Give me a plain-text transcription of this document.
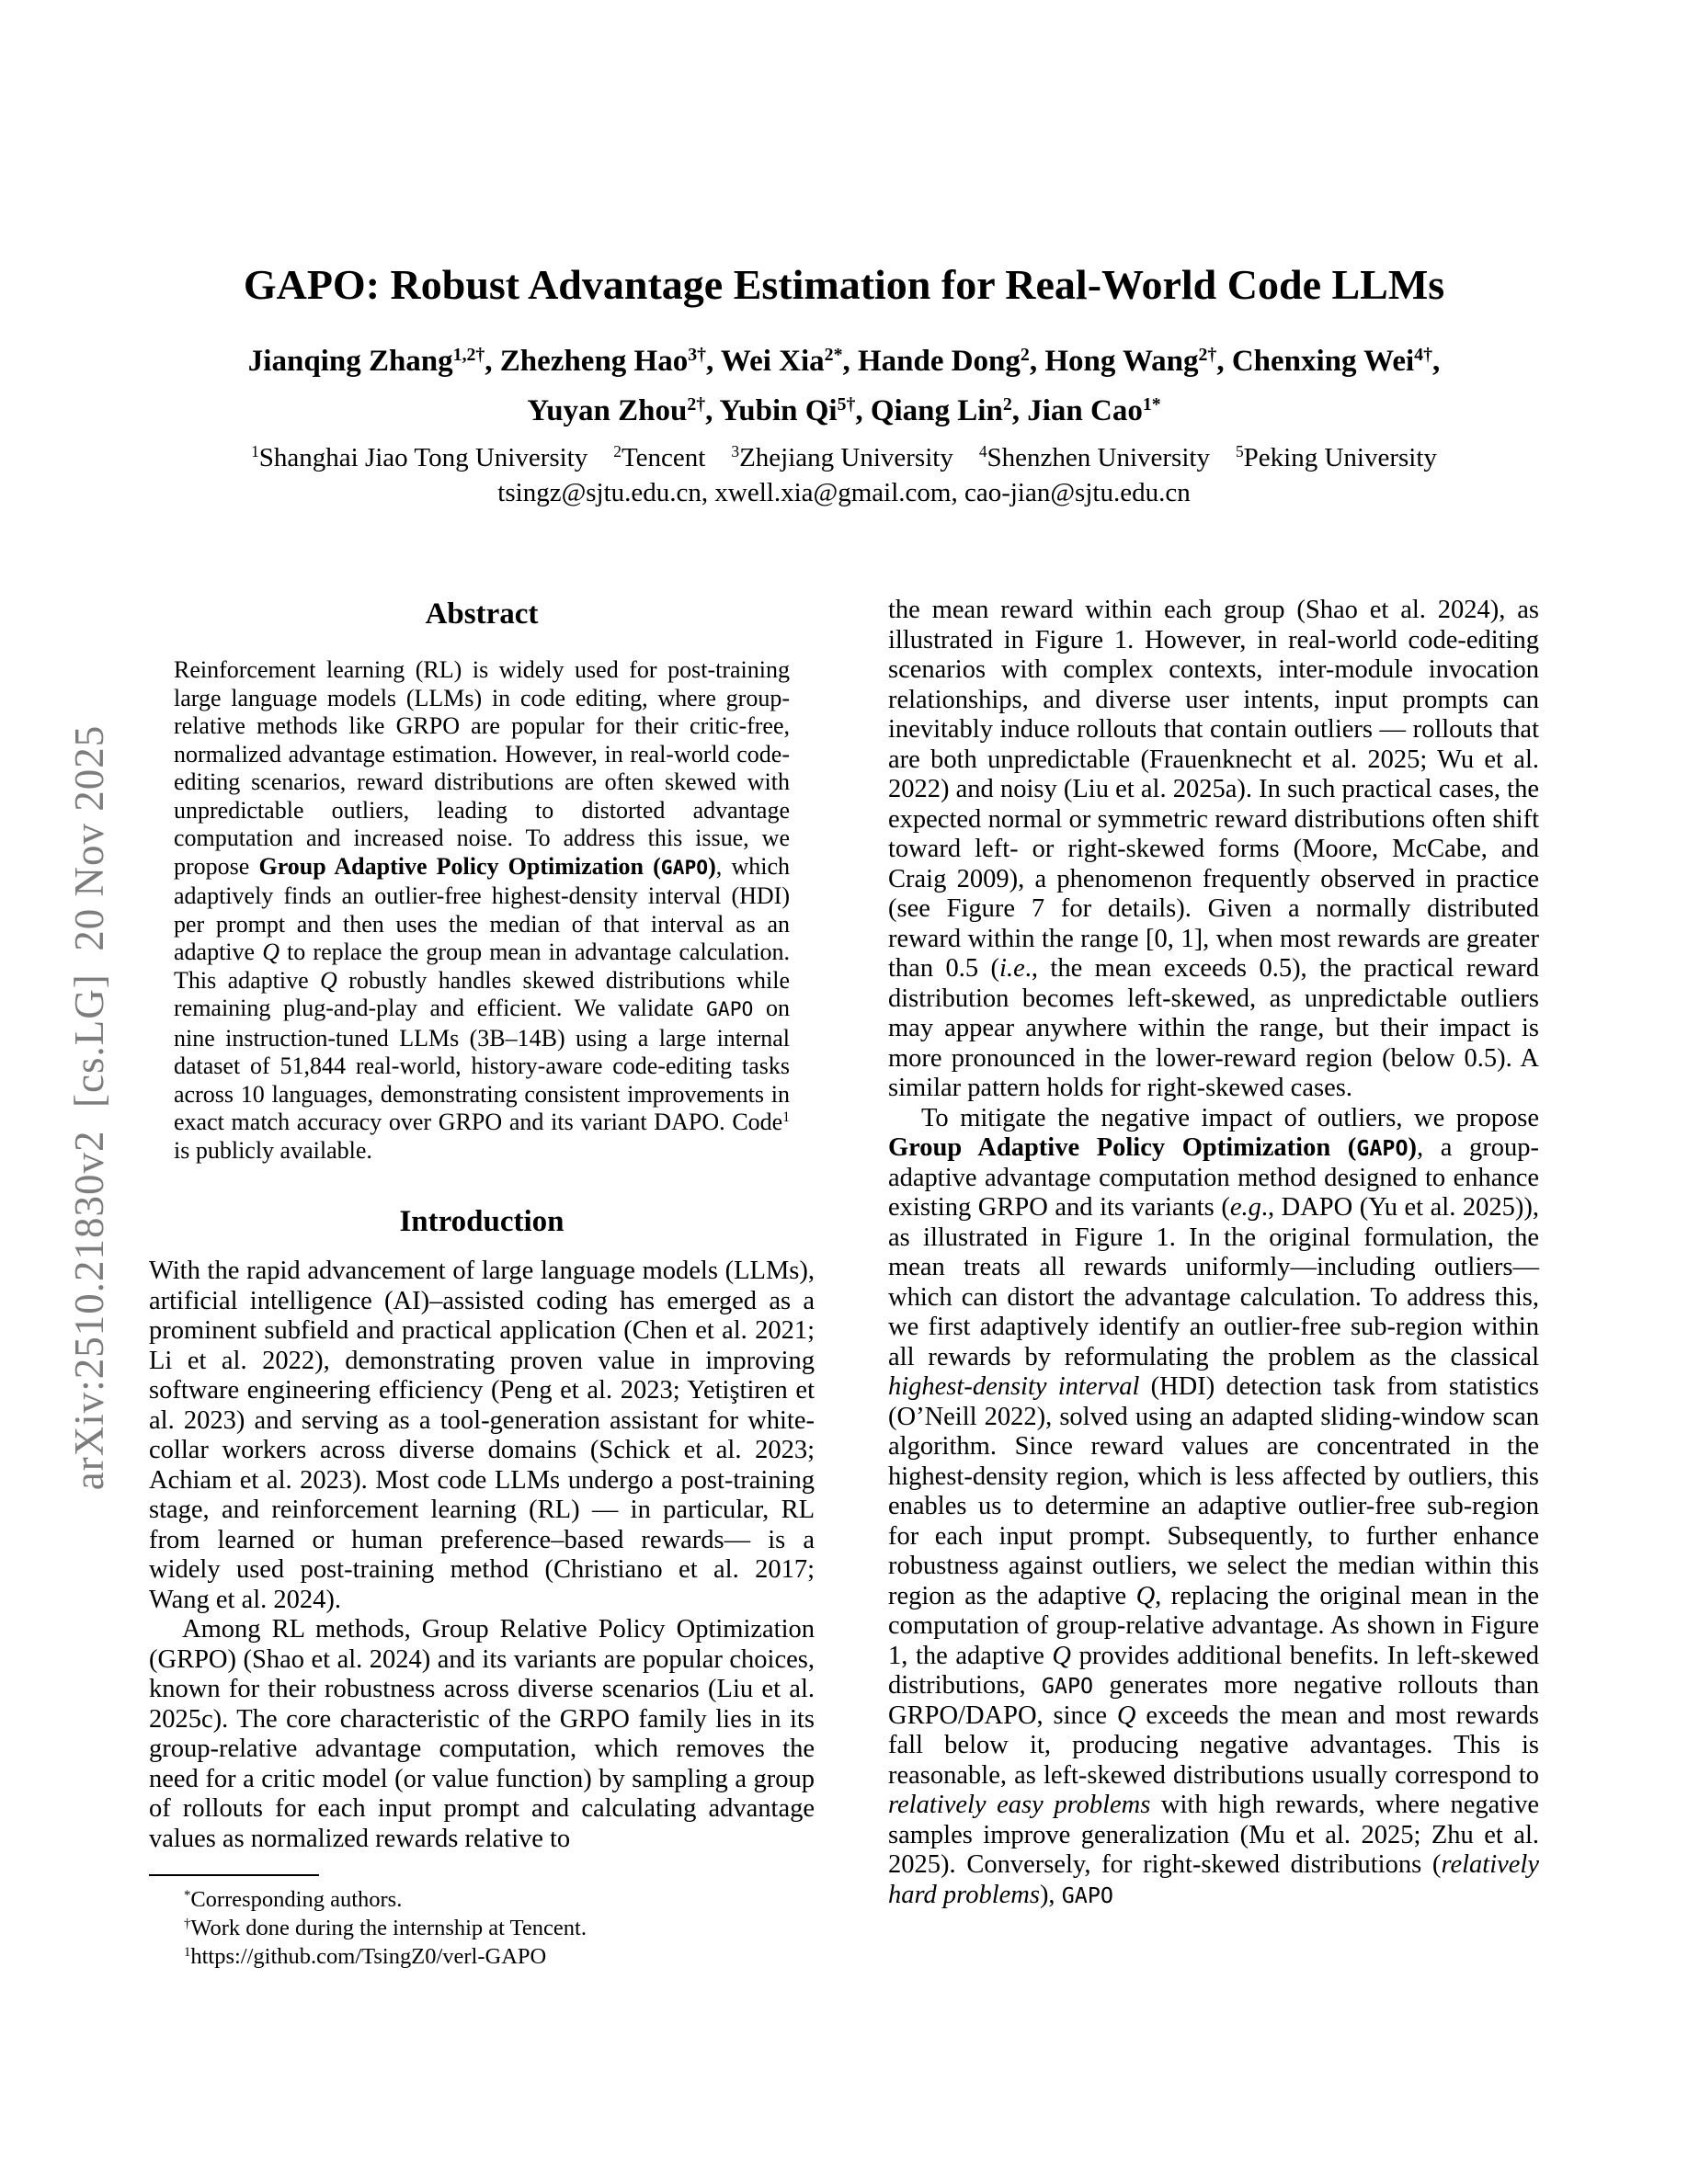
arXiv:2510.21830v2  [cs.LG]  20 Nov 2025
GAPO: Robust Advantage Estimation for Real-World Code LLMs
Jianqing Zhang$^{1,2\dagger}$, Zhezheng Hao$^{3\dagger}$, Wei Xia$^{2*}$, Hande Dong$^2$, Hong Wang$^{2\dagger}$, Chenxing Wei$^{4\dagger}$,
Yuyan Zhou$^{2\dagger}$, Yubin $Qi^{5\dagger}$, Qiang Lin$^2$, Jian Cao$^{1*}$
$^1$Shanghai Jiao Tong University $^2$Tencent $^3$Zhejiang University $^4$Shenzhen University $^5$Peking University
tsingz@sjtu.edu.cn, xwell.xia@gmail.com, cao-jian@sjtu.edu.cn
Abstract

Reinforcement learning (RL) is widely used for post-training large language models (LLMs) in code editing, where group-relative methods like GRPO are popular for their critic-free, normalized advantage estimation. However, in real-world code-editing scenarios, reward distributions are often skewed with unpredictable outliers, leading to distorted advantage computation and increased noise. To address this issue, we propose Group Adaptive Policy Optimization (GAPO), which adaptively finds an outlier-free highest-density interval (HDI) per prompt and then uses the median of that interval as an adaptive Q to replace the group mean in advantage calculation. This adaptive Q robustly handles skewed distributions while remaining plug-and-play and efficient. We validate GAPO on nine instruction-tuned LLMs (3B–14B) using a large internal dataset of 51,844 real-world, history-aware code-editing tasks across 10 languages, demonstrating consistent improvements in exact match accuracy over GRPO and its variant DAPO. Code$^1$ is publicly available.

Introduction

With the rapid advancement of large language models (LLMs), artificial intelligence (AI)–assisted coding has emerged as a prominent subfield and practical application (Chen et al. 2021; Li et al. 2022), demonstrating proven value in improving software engineering efficiency (Peng et al. 2023; Yetiştiren et al. 2023) and serving as a tool-generation assistant for white-collar workers across diverse domains (Schick et al. 2023; Achiam et al. 2023). Most code LLMs undergo a post-training stage, and reinforcement learning (RL) — in particular, RL from learned or human preference–based rewards— is a widely used post-training method (Christiano et al. 2017; Wang et al. 2024).

Among RL methods, Group Relative Policy Optimization (GRPO) (Shao et al. 2024) and its variants are popular choices, known for their robustness across diverse scenarios (Liu et al. 2025c). The core characteristic of the GRPO family lies in its group-relative advantage computation, which removes the need for a critic model (or value function) by sampling a group of rollouts for each input prompt and calculating advantage values as normalized rewards relative to

*Corresponding authors.

†Work done during the internship at Tencent.

$^1$https://github.com/TsingZ0/verl-GAPO

the mean reward within each group (Shao et al. 2024), as illustrated in Figure 1. However, in real-world code-editing scenarios with complex contexts, inter-module invocation relationships, and diverse user intents, input prompts can inevitably induce rollouts that contain outliers — rollouts that are both unpredictable (Frauenknecht et al. 2025; Wu et al. 2022) and noisy (Liu et al. 2025a). In such practical cases, the expected normal or symmetric reward distributions often shift toward left- or right-skewed forms (Moore, McCabe, and Craig 2009), a phenomenon frequently observed in practice (see Figure 7 for details). Given a normally distributed reward within the range [0, 1], when most rewards are greater than 0.5 (i.e., the mean exceeds 0.5), the practical reward distribution becomes left-skewed, as unpredictable outliers may appear anywhere within the range, but their impact is more pronounced in the lower-reward region (below 0.5). A similar pattern holds for right-skewed cases.

To mitigate the negative impact of outliers, we propose Group Adaptive Policy Optimization (GAPO), a group-adaptive advantage computation method designed to enhance existing GRPO and its variants (e.g., DAPO (Yu et al. 2025)), as illustrated in Figure 1. In the original formulation, the mean treats all rewards uniformly—including outliers—which can distort the advantage calculation. To address this, we first adaptively identify an outlier-free sub-region within all rewards by reformulating the problem as the classical highest-density interval (HDI) detection task from statistics (O’Neill 2022), solved using an adapted sliding-window scan algorithm. Since reward values are concentrated in the highest-density region, which is less affected by outliers, this enables us to determine an adaptive outlier-free sub-region for each input prompt. Subsequently, to further enhance robustness against outliers, we select the median within this region as the adaptive Q, replacing the original mean in the computation of group-relative advantage. As shown in Figure 1, the adaptive Q provides additional benefits. In left-skewed distributions, GAPO generates more negative rollouts than GRPO/DAPO, since Q exceeds the mean and most rewards fall below it, producing negative advantages. This is reasonable, as left-skewed distributions usually correspond to relatively easy problems with high rewards, where negative samples improve generalization (Mu et al. 2025; Zhu et al. 2025). Conversely, for right-skewed distributions (relatively hard problems), GAPO
